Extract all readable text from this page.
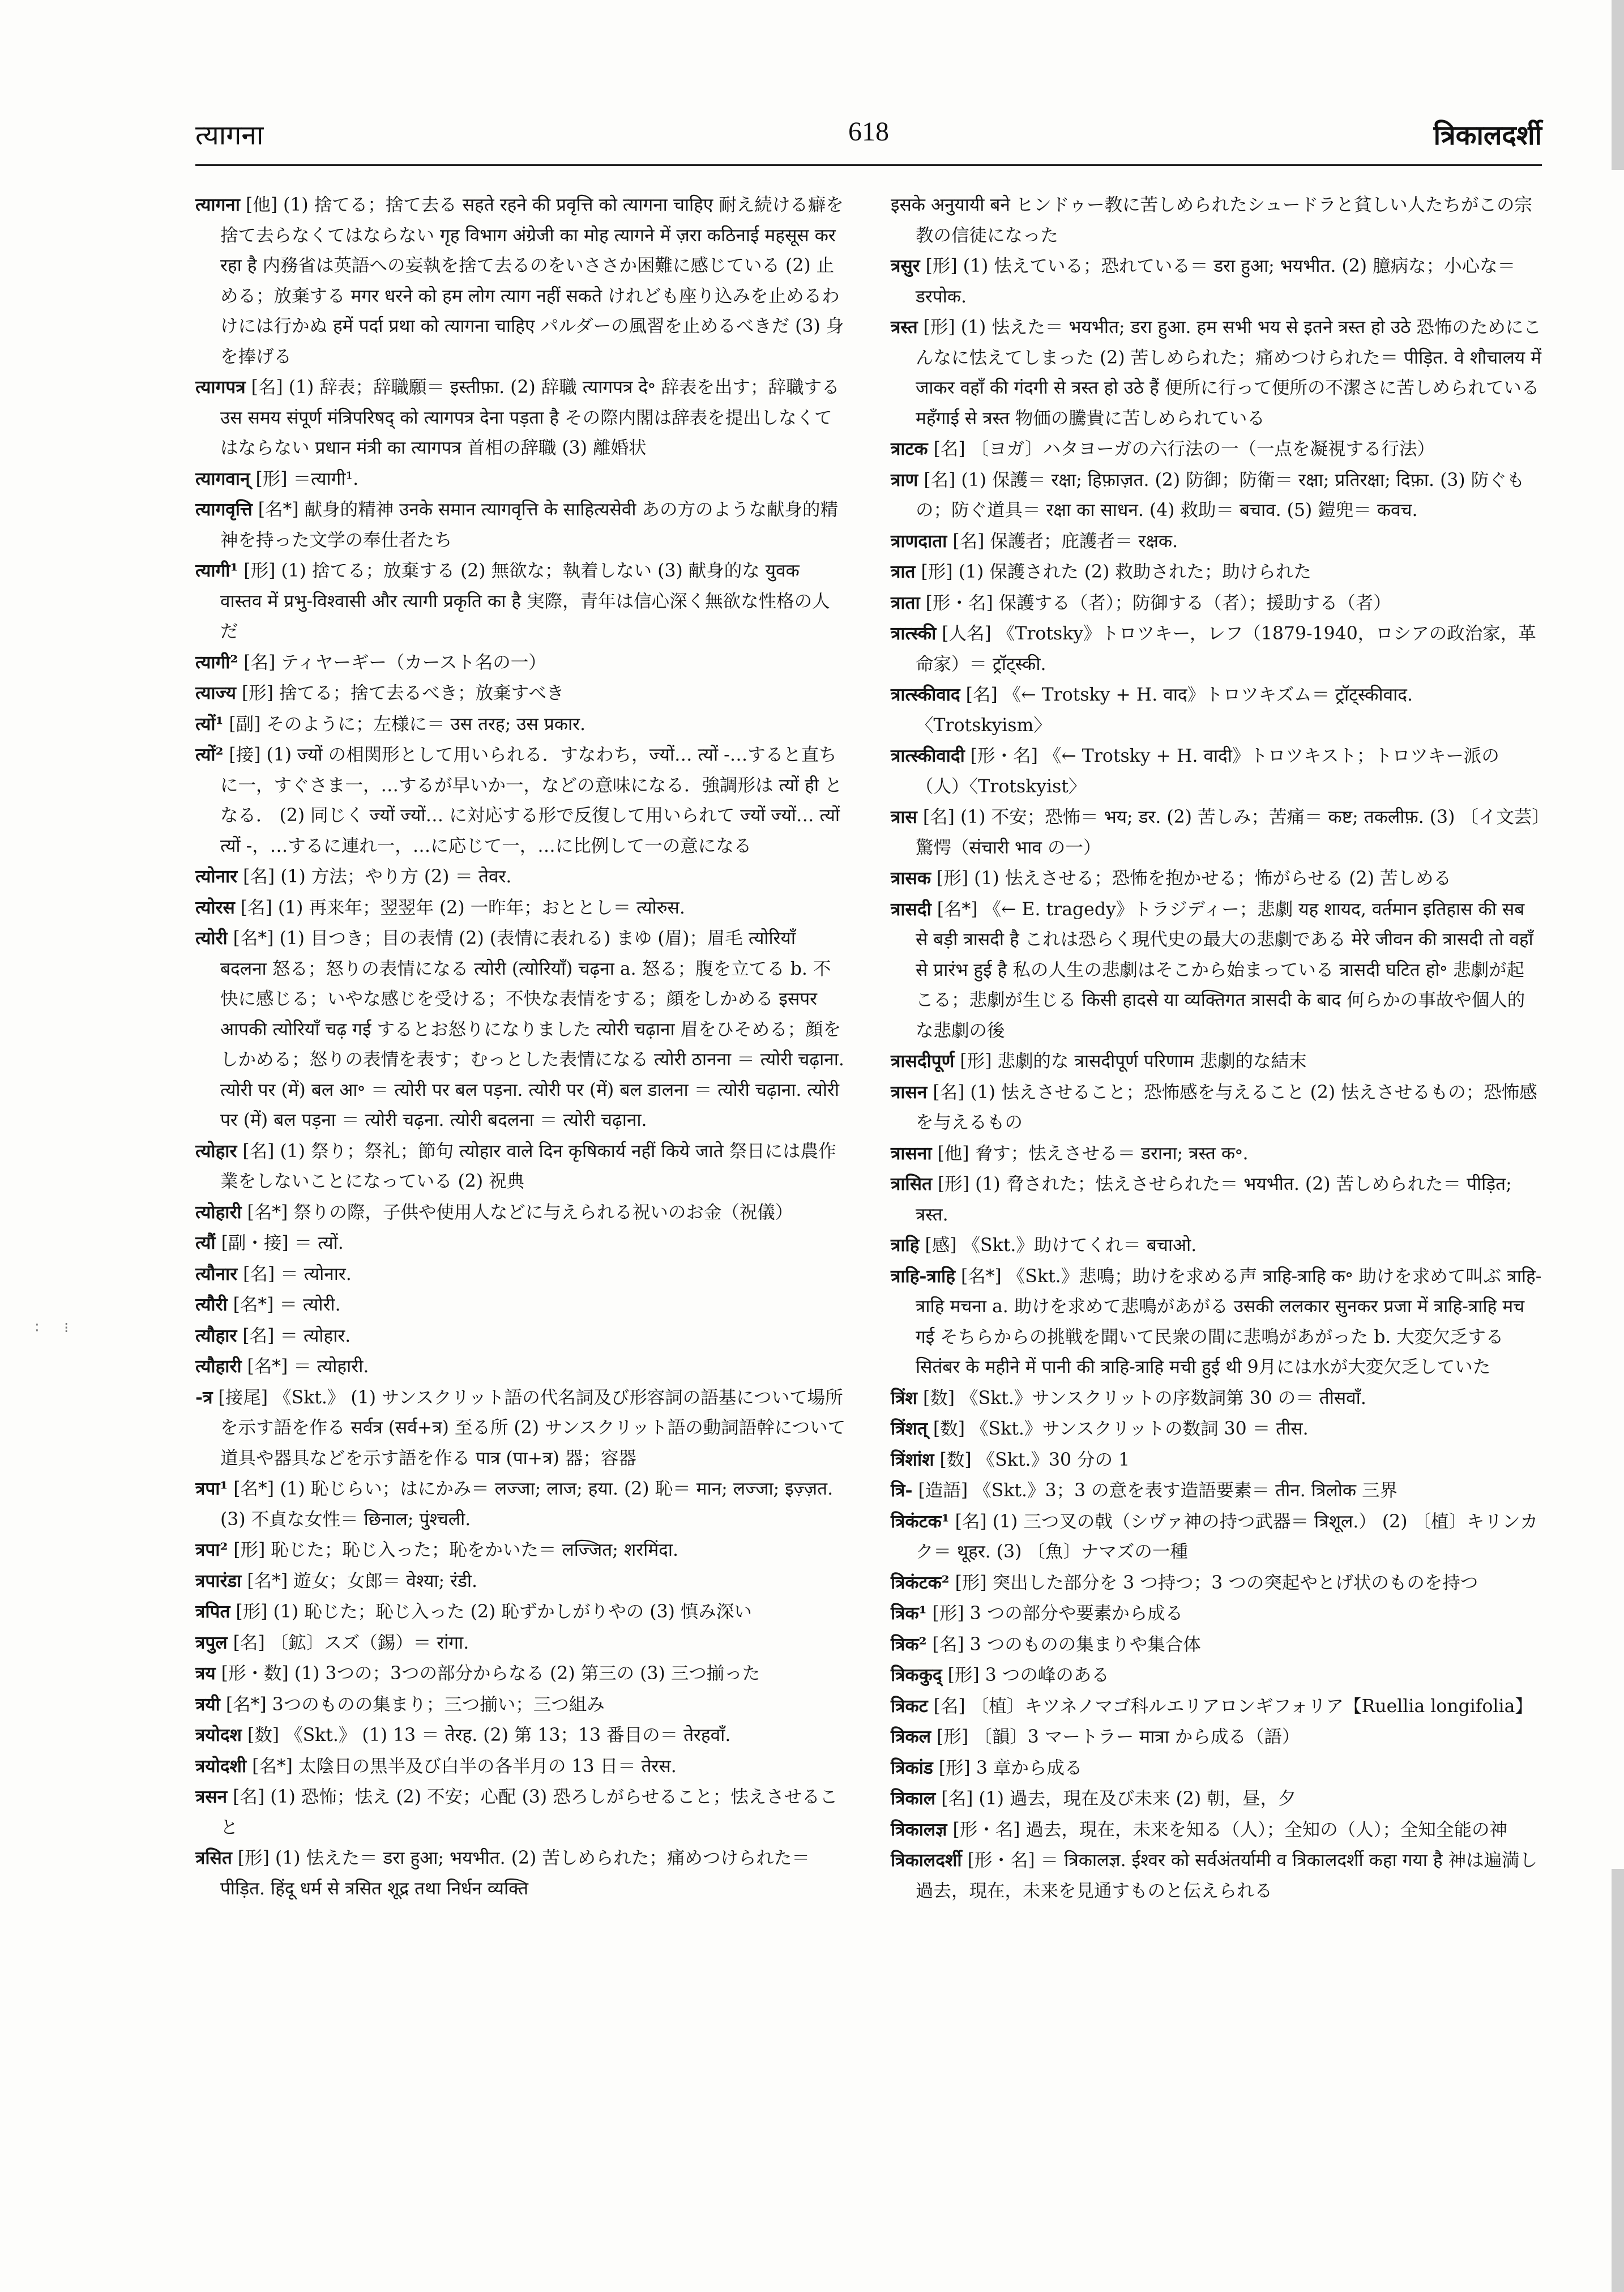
त्यागना	618	त्रिकालदर्शी

त्यागना [他] (1) 捨てる；捨て去る सहते रहने की प्रवृत्ति को त्यागना चाहिए 耐え続ける癖を捨て去らなくてはならない गृह विभाग अंग्रेजी का मोह त्यागने में ज़रा कठिनाई महसूस कर रहा है 内務省は英語への妄執を捨て去るのをいささか困難に感じている (2) 止める；放棄する मगर धरने को हम लोग त्याग नहीं सकते けれども座り込みを止めるわけには行かぬ हमें पर्दा प्रथा को त्यागना चाहिए パルダーの風習を止めるべきだ (3) 身を捧げる

त्यागपत्र [名] (1) 辞表；辞職願＝ इस्तीफ़ा. (2) 辞職 त्यागपत्र दे॰ 辞表を出す；辞職する उस समय संपूर्ण मंत्रिपरिषद् को त्यागपत्र देना पड़ता है その際内閣は辞表を提出しなくてはならない प्रधान मंत्री का त्यागपत्र 首相の辞職 (3) 離婚状

त्यागवान् [形] ＝त्यागी¹.

त्यागवृत्ति [名*] 献身的精神 उनके समान त्यागवृत्ति के साहित्यसेवी あの方のような献身的精神を持った文学の奉仕者たち

त्यागी¹ [形] (1) 捨てる；放棄する (2) 無欲な；執着しない (3) 献身的な युवक वास्तव में प्रभु-विश्वासी और त्यागी प्रकृति का है 実際，青年は信心深く無欲な性格の人だ

त्यागी² [名] ティヤーギー（カースト名の一）

त्याज्य [形] 捨てる；捨て去るべき；放棄すべき

त्यों¹ [副] そのように；左様に＝ उस तरह; उस प्रकार.

त्यों² [接] (1) ज्यों の相関形として用いられる．すなわち，ज्यों… त्यों -…すると直ちに一，すぐさま一，…するが早いか一，などの意味になる．強調形は त्यों ही となる． (2) 同じく ज्यों ज्यों… に対応する形で反復して用いられて ज्यों ज्यों… त्यों त्यों -，…するに連れ一，…に応じて一，…に比例して一の意になる

त्योनार [名] (1) 方法；やり方 (2) ＝ तेवर.

त्योरस [名] (1) 再来年；翌翌年 (2) 一昨年；おととし＝ त्योरुस.

त्योरी [名*] (1) 目つき；目の表情 (2) (表情に表れる) まゆ (眉)；眉毛 त्योरियाँ बदलना 怒る；怒りの表情になる त्योरी (त्योरियाँ) चढ़ना a. 怒る；腹を立てる b. 不快に感じる；いやな感じを受ける；不快な表情をする；顔をしかめる इसपर आपकी त्योरियाँ चढ़ गई するとお怒りになりました त्योरी चढ़ाना 眉をひそめる；顔をしかめる；怒りの表情を表す；むっとした表情になる त्योरी ठानना ＝ त्योरी चढ़ाना. त्योरी पर (में) बल आ॰ ＝ त्योरी पर बल पड़ना. त्योरी पर (में) बल डालना ＝ त्योरी चढ़ाना. त्योरी पर (में) बल पड़ना ＝ त्योरी चढ़ना. त्योरी बदलना ＝ त्योरी चढ़ाना.

त्योहार [名] (1) 祭り；祭礼；節句 त्योहार वाले दिन कृषिकार्य नहीं किये जाते 祭日には農作業をしないことになっている (2) 祝典

त्योहारी [名*] 祭りの際，子供や使用人などに与えられる祝いのお金（祝儀）

त्यौं [副・接] ＝ त्यों.

त्यौनार [名] ＝ त्योनार.

त्यौरी [名*] ＝ त्योरी.

त्यौहार [名] ＝ त्योहार.

त्यौहारी [名*] ＝ त्योहारी.

-त्र [接尾] 《Skt.》 (1) サンスクリット語の代名詞及び形容詞の語基について場所を示す語を作る सर्वत्र (सर्व+त्र) 至る所 (2) サンスクリット語の動詞語幹について道具や器具などを示す語を作る पात्र (पा+त्र) 器；容器

त्रपा¹ [名*] (1) 恥じらい；はにかみ＝ लज्जा; लाज; हया. (2) 恥＝ मान; लज्जा; इज़्ज़त. (3) 不貞な女性＝ छिनाल; पुंश्चली.

त्रपा² [形] 恥じた；恥じ入った；恥をかいた＝ लज्जित; शरमिंदा.

त्रपारंडा [名*] 遊女；女郎＝ वेश्या; रंडी.

त्रपित [形] (1) 恥じた；恥じ入った (2) 恥ずかしがりやの (3) 慎み深い

त्रपुल [名] 〔鉱〕スズ（錫）＝ रांगा.

त्रय [形・数] (1) 3つの；3つの部分からなる (2) 第三の (3) 三つ揃った

त्रयी [名*] 3つのものの集まり；三つ揃い；三つ組み

त्रयोदश [数] 《Skt.》 (1) 13 ＝ तेरह. (2) 第 13；13 番目の＝ तेरहवाँ.

त्रयोदशी [名*] 太陰日の黒半及び白半の各半月の 13 日＝ तेरस.

त्रसन [名] (1) 恐怖；怯え (2) 不安；心配 (3) 恐ろしがらせること；怯えさせること

त्रसित [形] (1) 怯えた＝ डरा हुआ; भयभीत. (2) 苦しめられた；痛めつけられた＝ पीड़ित. हिंदू धर्म से त्रसित शूद्र तथा निर्धन व्यक्ति

इसके अनुयायी बने ヒンドゥー教に苦しめられたシュードラと貧しい人たちがこの宗教の信徒になった

त्रसुर [形] (1) 怯えている；恐れている＝ डरा हुआ; भयभीत. (2) 臆病な；小心な＝ डरपोक.

त्रस्त [形] (1) 怯えた＝ भयभीत; डरा हुआ. हम सभी भय से इतने त्रस्त हो उठे 恐怖のためにこんなに怯えてしまった (2) 苦しめられた；痛めつけられた＝ पीड़ित. वे शौचालय में जाकर वहाँ की गंदगी से त्रस्त हो उठे हैं 便所に行って便所の不潔さに苦しめられている महँगाई से त्रस्त 物価の騰貴に苦しめられている

त्राटक [名] 〔ヨガ〕ハタヨーガの六行法の一（一点を凝視する行法）

त्राण [名] (1) 保護＝ रक्षा; हिफ़ाज़त. (2) 防御；防衛＝ रक्षा; प्रतिरक्षा; दिफ़ा. (3) 防ぐもの；防ぐ道具＝ रक्षा का साधन. (4) 救助＝ बचाव. (5) 鎧兜＝ कवच.

त्राणदाता [名] 保護者；庇護者＝ रक्षक.

त्रात [形] (1) 保護された (2) 救助された；助けられた

त्राता [形・名] 保護する（者）；防御する（者）；援助する（者）

त्रात्स्की [人名] 《Trotsky》トロツキー，レフ（1879-1940，ロシアの政治家，革命家）＝ ट्रॉट्स्की.

त्रात्स्कीवाद [名] 《← Trotsky + H. वाद》トロツキズム＝ ट्रॉट्स्कीवाद. 〈Trotskyism〉

त्रात्स्कीवादी [形・名] 《← Trotsky + H. वादी》トロツキスト；トロツキー派の（人）〈Trotskyist〉

त्रास [名] (1) 不安；恐怖＝ भय; डर. (2) 苦しみ；苦痛＝ कष्ट; तकलीफ़. (3) 〔イ文芸〕驚愕（संचारी भाव の一）

त्रासक [形] (1) 怯えさせる；恐怖を抱かせる；怖がらせる (2) 苦しめる

त्रासदी [名*] 《← E. tragedy》トラジディー；悲劇 यह शायद, वर्तमान इतिहास की सब से बड़ी त्रासदी है これは恐らく現代史の最大の悲劇である मेरे जीवन की त्रासदी तो वहाँ से प्रारंभ हुई है 私の人生の悲劇はそこから始まっている त्रासदी घटित हो॰ 悲劇が起こる；悲劇が生じる किसी हादसे या व्यक्तिगत त्रासदी के बाद 何らかの事故や個人的な悲劇の後

त्रासदीपूर्ण [形] 悲劇的な त्रासदीपूर्ण परिणाम 悲劇的な結末

त्रासन [名] (1) 怯えさせること；恐怖感を与えること (2) 怯えさせるもの；恐怖感を与えるもの

त्रासना [他] 脅す；怯えさせる＝ डराना; त्रस्त क॰.

त्रासित [形] (1) 脅された；怯えさせられた＝ भयभीत. (2) 苦しめられた＝ पीड़ित; त्रस्त.

त्राहि [感] 《Skt.》助けてくれ＝ बचाओ.

त्राहि-त्राहि [名*] 《Skt.》悲鳴；助けを求める声 त्राहि-त्राहि क॰ 助けを求めて叫ぶ त्राहि-त्राहि मचना a. 助けを求めて悲鳴があがる उसकी ललकार सुनकर प्रजा में त्राहि-त्राहि मच गई そちらからの挑戦を聞いて民衆の間に悲鳴があがった b. 大変欠乏する सितंबर के महीने में पानी की त्राहि-त्राहि मची हुई थी 9月には水が大変欠乏していた

त्रिंश [数] 《Skt.》サンスクリットの序数詞第 30 の＝ तीसवाँ.

त्रिंशत् [数] 《Skt.》サンスクリットの数詞 30 ＝ तीस.

त्रिंशांश [数] 《Skt.》30 分の 1

त्रि- [造語] 《Skt.》3；3 の意を表す造語要素＝ तीन. त्रिलोक 三界

त्रिकंटक¹ [名] (1) 三つ叉の戟（シヴァ神の持つ武器＝ त्रिशूल.） (2) 〔植〕キリンカク＝ थूहर. (3) 〔魚〕ナマズの一種

त्रिकंटक² [形] 突出した部分を 3 つ持つ；3 つの突起やとげ状のものを持つ

त्रिक¹ [形] 3 つの部分や要素から成る

त्रिक² [名] 3 つのものの集まりや集合体

त्रिककुद् [形] 3 つの峰のある

त्रिकट [名] 〔植〕キツネノマゴ科ルエリアロンギフォリア【Ruellia longifolia】

त्रिकल [形] 〔韻〕3 マートラー मात्रा から成る（語）

त्रिकांड [形] 3 章から成る

त्रिकाल [名] (1) 過去，現在及び未来 (2) 朝，昼，夕

त्रिकालज्ञ [形・名] 過去，現在，未来を知る（人）；全知の（人）；全知全能の神

त्रिकालदर्शी [形・名] ＝ त्रिकालज्ञ. ईश्वर को सर्वअंतर्यामी व त्रिकालदर्शी कहा गया है 神は遍満し過去，現在，未来を見通すものと伝えられる

∶ ⁝
